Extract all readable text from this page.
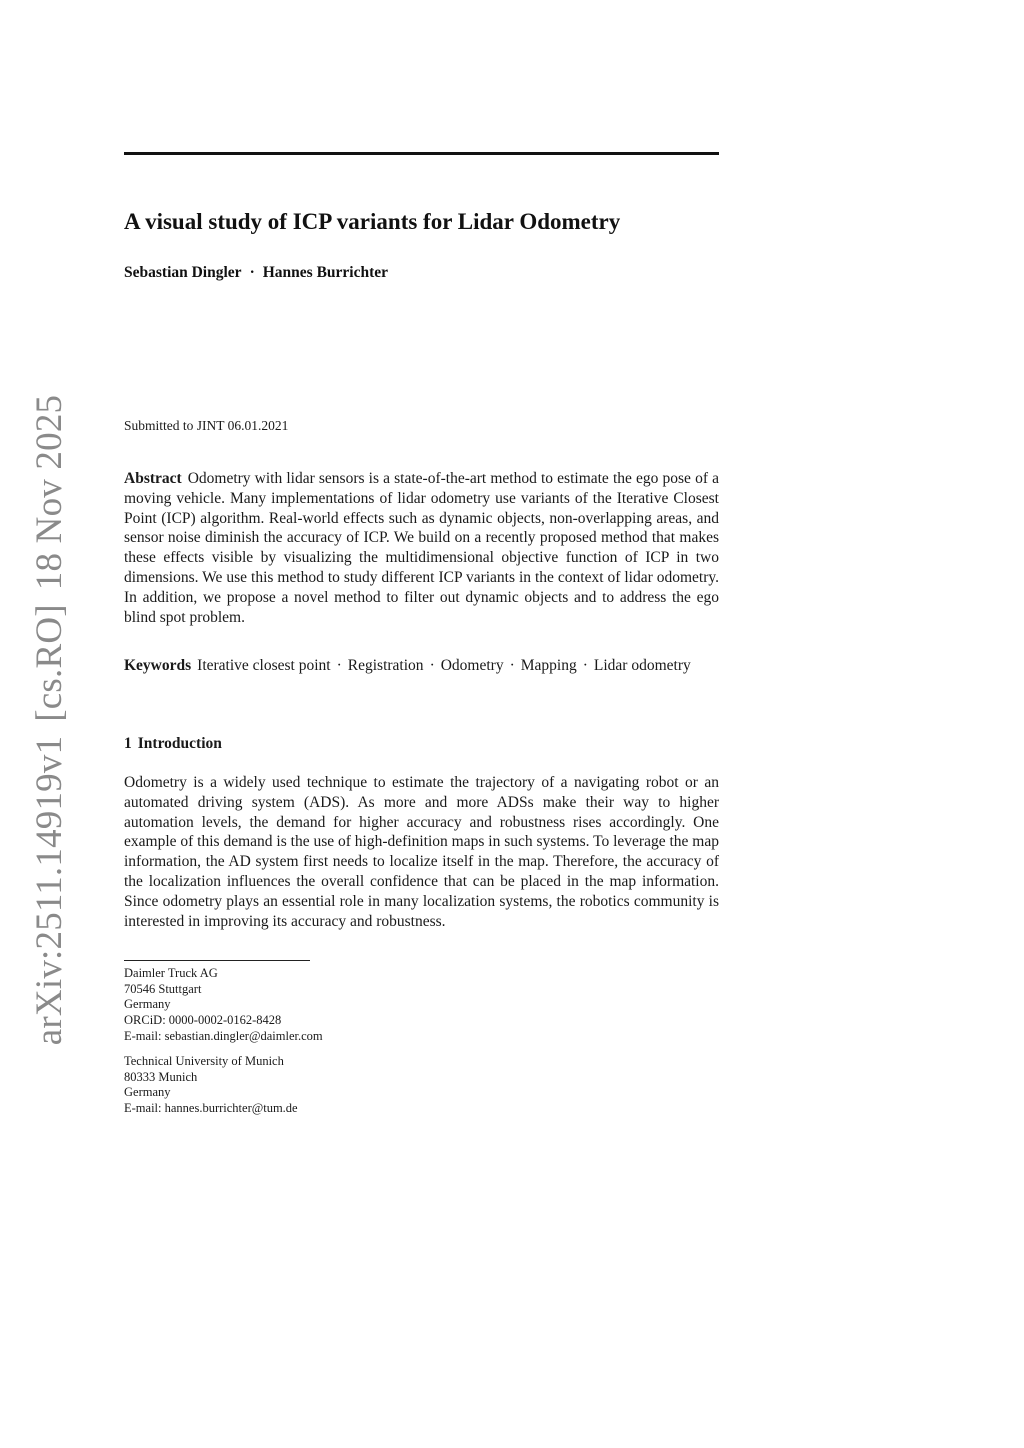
arXiv:2511.14919v1[cs.RO]18 Nov 2025
A visual study of ICP variants for Lidar Odometry
Sebastian Dingler · Hannes Burrichter
Submitted to JINT 06.01.2021

Abstract Odometry with lidar sensors is a state-of-the-art method to estimate the ego pose of a moving vehicle. Many implementations of lidar odometry use variants of the Iterative Closest Point (ICP) algorithm. Real-world effects such as dynamic objects, non-overlapping areas, and sensor noise diminish the accuracy of ICP. We build on a recently proposed method that makes these effects visible by visualizing the multidimensional objective function of ICP in two dimensions. We use this method to study different ICP variants in the context of lidar odometry. In addition, we propose a novel method to filter out dynamic objects and to address the ego blind spot problem.

Keywords Iterative closest point · Registration · Odometry · Mapping · Lidar odometry

1 Introduction

Odometry is a widely used technique to estimate the trajectory of a navigating robot or an automated driving system (ADS). As more and more ADSs make their way to higher automation levels, the demand for higher accuracy and robustness rises accordingly. One example of this demand is the use of high-definition maps in such systems. To leverage the map information, the AD system first needs to localize itself in the map. Therefore, the accuracy of the localization influences the overall confidence that can be placed in the map information. Since odometry plays an essential role in many localization systems, the robotics community is interested in improving its accuracy and robustness.

Daimler Truck AG
70546 Stuttgart
Germany
ORCiD: 0000-0002-0162-8428
E-mail: sebastian.dingler@daimler.com
Technical University of Munich
80333 Munich
Germany
E-mail: hannes.burrichter@tum.de
